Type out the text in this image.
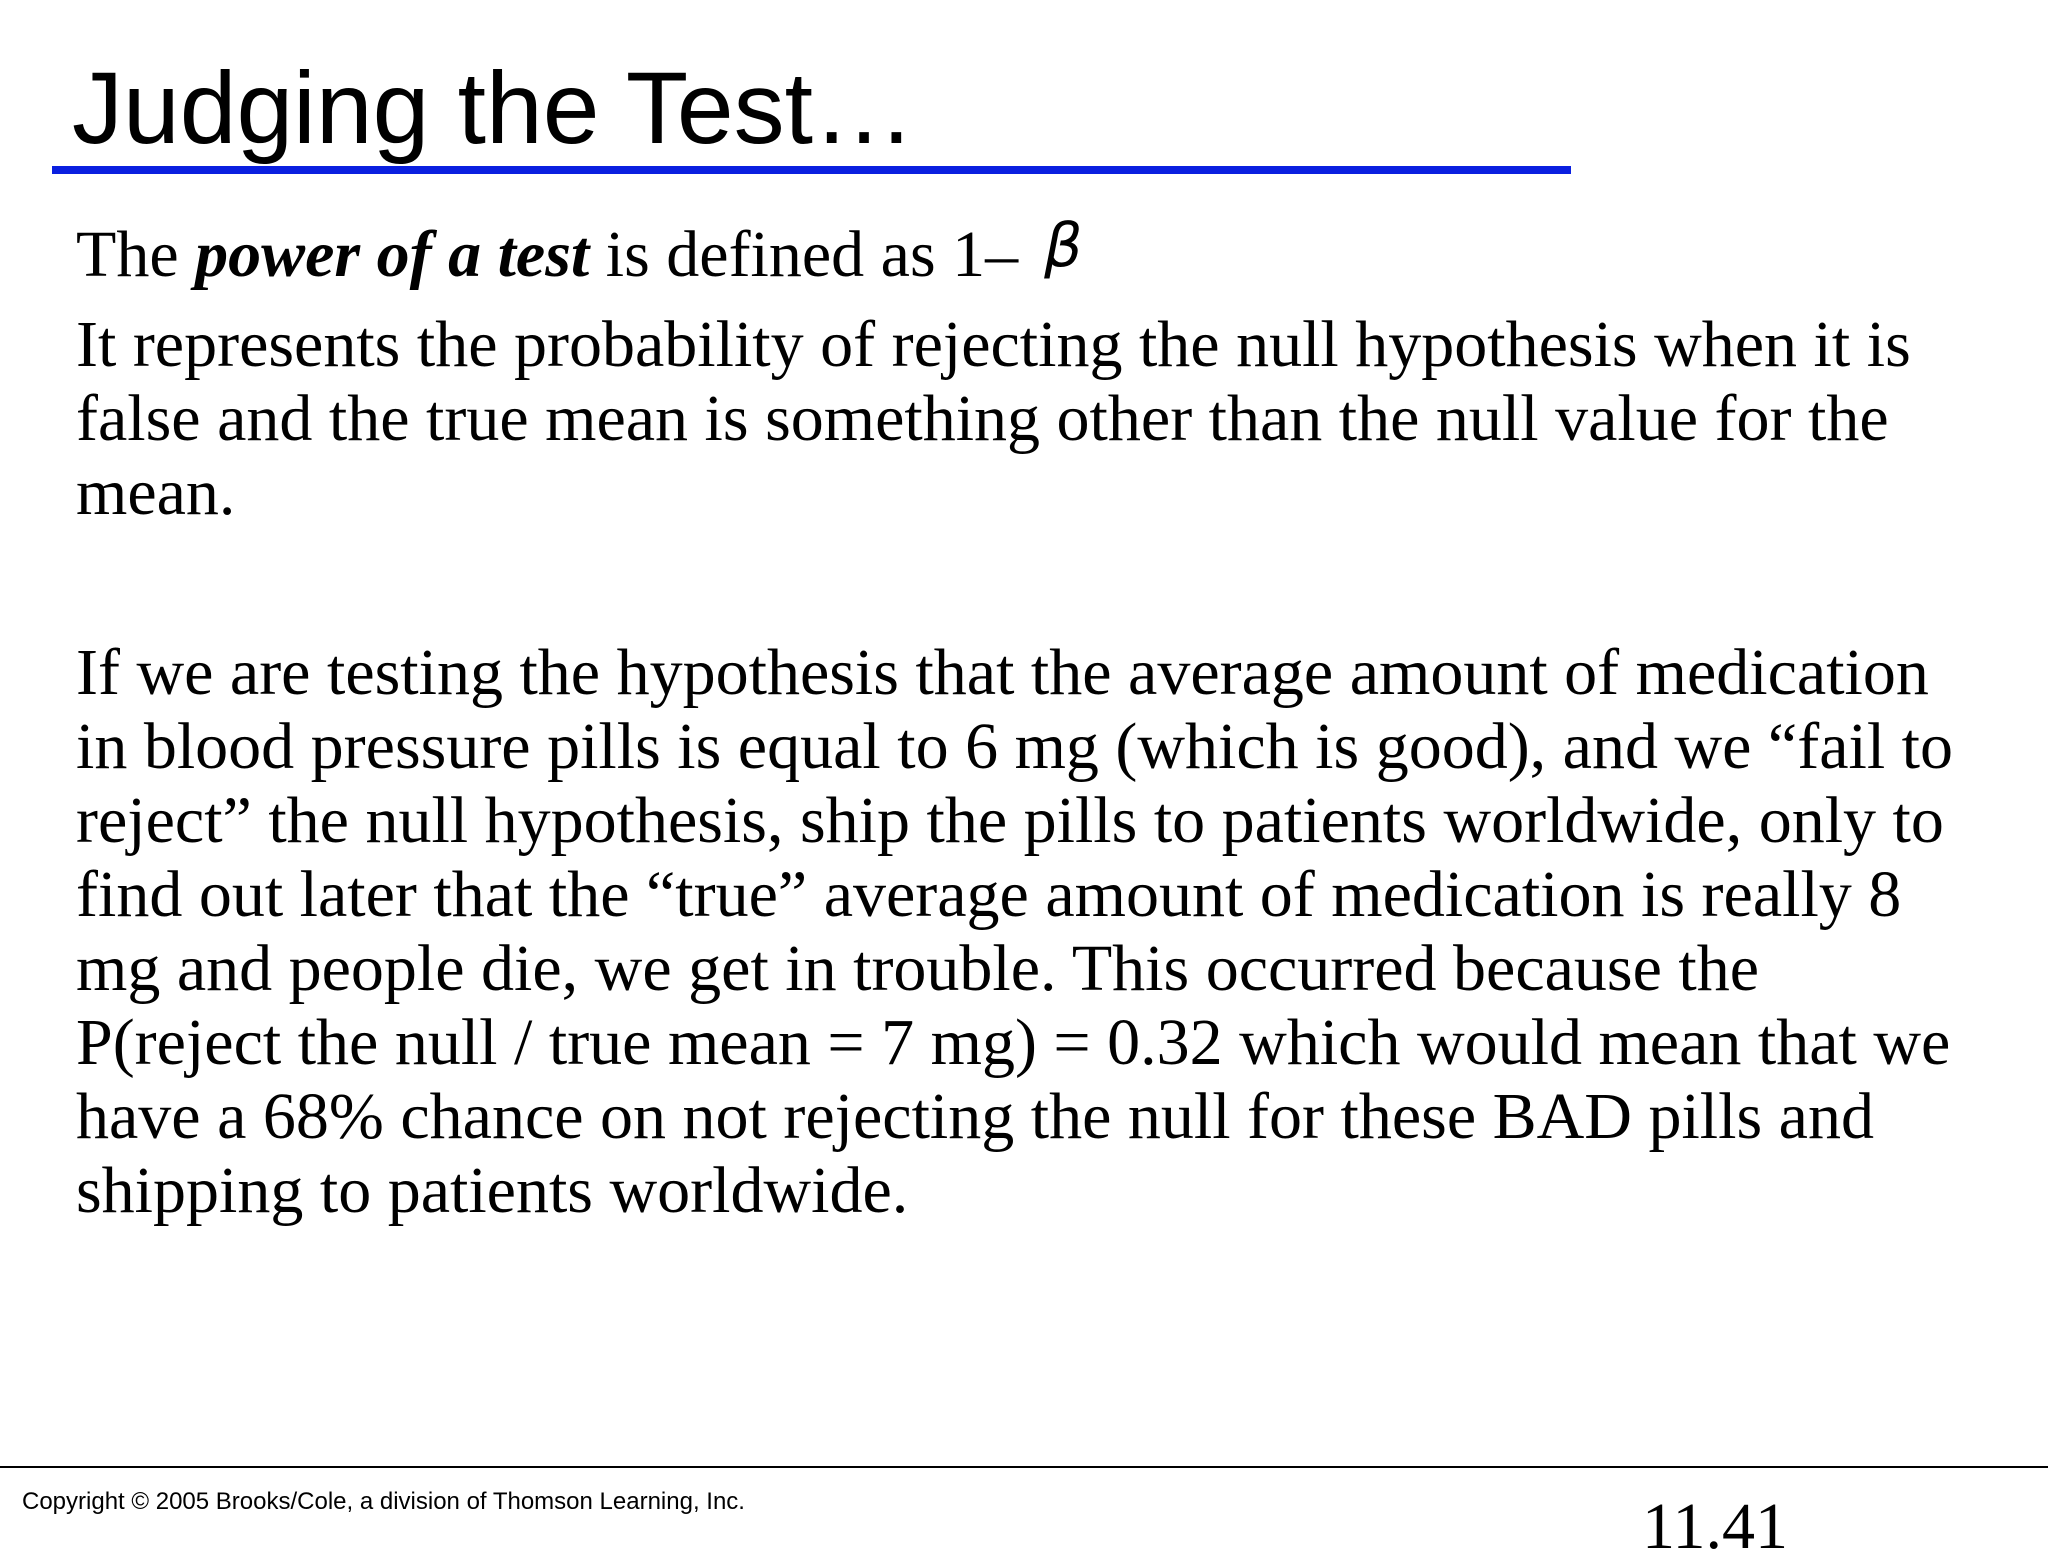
Judging the Test…

The power of a test is defined as 1– β

It represents the probability of rejecting the null hypothesis when it is
false and the true mean is something other than the null value for the
mean.

If we are testing the hypothesis that the average amount of medication
in blood pressure pills is equal to 6 mg (which is good), and we “fail to
reject” the null hypothesis, ship the pills to patients worldwide, only to
find out later that the “true” average amount of medication is really 8
mg and people die, we get in trouble. This occurred because the
P(reject the null / true mean = 7 mg) = 0.32 which would mean that we
have a 68% chance on not rejecting the null for these BAD pills and
shipping to patients worldwide.

Copyright © 2005 Brooks/Cole, a division of Thomson Learning, Inc.	11.41
